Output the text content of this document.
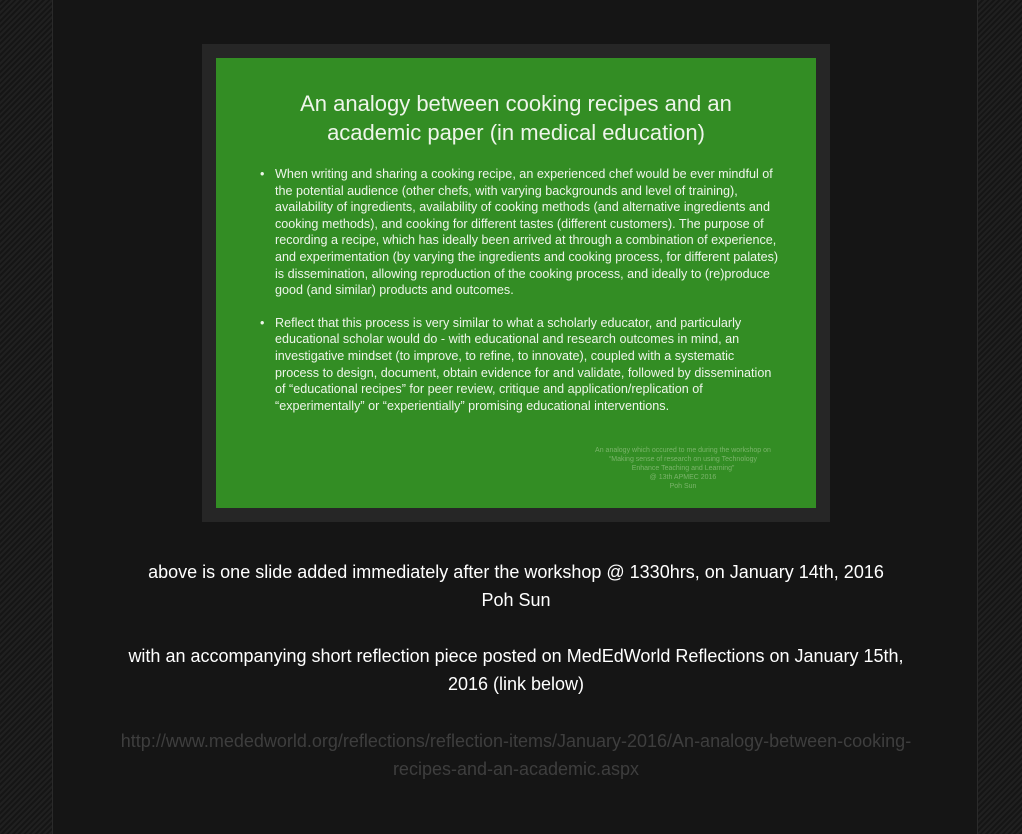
An analogy between cooking recipes and an
academic paper (in medical education)
• When writing and sharing a cooking recipe, an experienced chef would be ever mindful of the potential audience (other chefs, with varying backgrounds and level of training), availability of ingredients, availability of cooking methods (and alternative ingredients and cooking methods), and cooking for different tastes (different customers). The purpose of recording a recipe, which has ideally been arrived at through a combination of experience, and experimentation (by varying the ingredients and cooking process, for different palates) is dissemination, allowing reproduction of the cooking process, and ideally to (re)produce good (and similar) products and outcomes.
• Reflect that this process is very similar to what a scholarly educator, and particularly educational scholar would do - with educational and research outcomes in mind, an investigative mindset (to improve, to refine, to innovate), coupled with a systematic process to design, document, obtain evidence for and validate, followed by dissemination of “educational recipes” for peer review, critique and application/replication of “experimentally” or “experientially” promising educational interventions.
An analogy which occured to me during the workshop on
“Making sense of research on using Technology
Enhance Teaching and Learning”
@ 13th APMEC 2016
Poh Sun

above is one slide added immediately after the workshop @ 1330hrs, on January 14th, 2016

Poh Sun

with an accompanying short reflection piece posted on MedEdWorld Reflections on January 15th,

2016 (link below)

http://www.mededworld.org/reflections/reflection-items/January-2016/An-analogy-between-cooking-
recipes-and-an-academic.aspx
